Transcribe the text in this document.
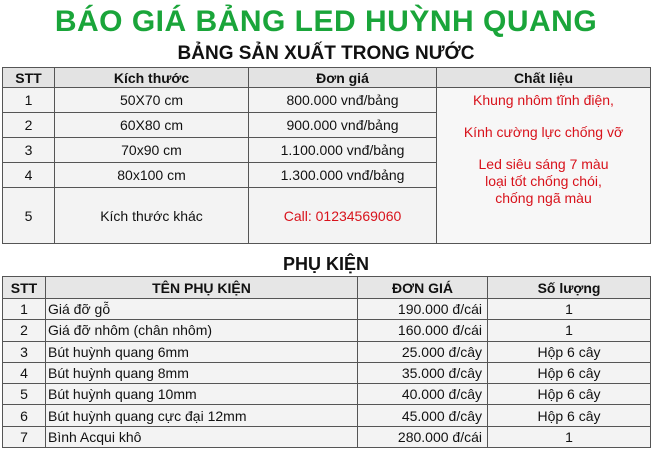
BÁO GIÁ BẢNG LED HUỲNH QUANG
BẢNG SẢN XUẤT TRONG NƯỚC
STT	Kích thước	Đơn giá	Chất liệu
1	50X70 cm	800.000 vnđ/bảng	Khung nhôm tĩnh điện,
Kính cường lực chống vỡ
Led siêu sáng 7 màu
loại tốt chống chói,
chống ngã màu

2	60X80 cm	900.000 vnđ/bảng	
3	70x90 cm	1.100.000 vnđ/bảng	
4	80x100 cm	1.300.000 vnđ/bảng	
5	Kích thước khác	Call: 01234569060	
PHỤ KIỆN
STT	TÊN PHỤ KIỆN	ĐƠN GIÁ	Số lượng
1	Giá đỡ gỗ	190.000 đ/cái	1
2	Giá đỡ nhôm (chân nhôm)	160.000 đ/cái	1
3	Bút huỳnh quang 6mm	25.000 đ/cây	Hộp 6 cây
4	Bút huỳnh quang 8mm	35.000 đ/cây	Hộp 6 cây
5	Bút huỳnh quang 10mm	40.000 đ/cây	Hộp 6 cây
6	Bút huỳnh quang cực đại 12mm	45.000 đ/cây	Hộp 6 cây
7	Bình Acqui khô	280.000 đ/cái	1
